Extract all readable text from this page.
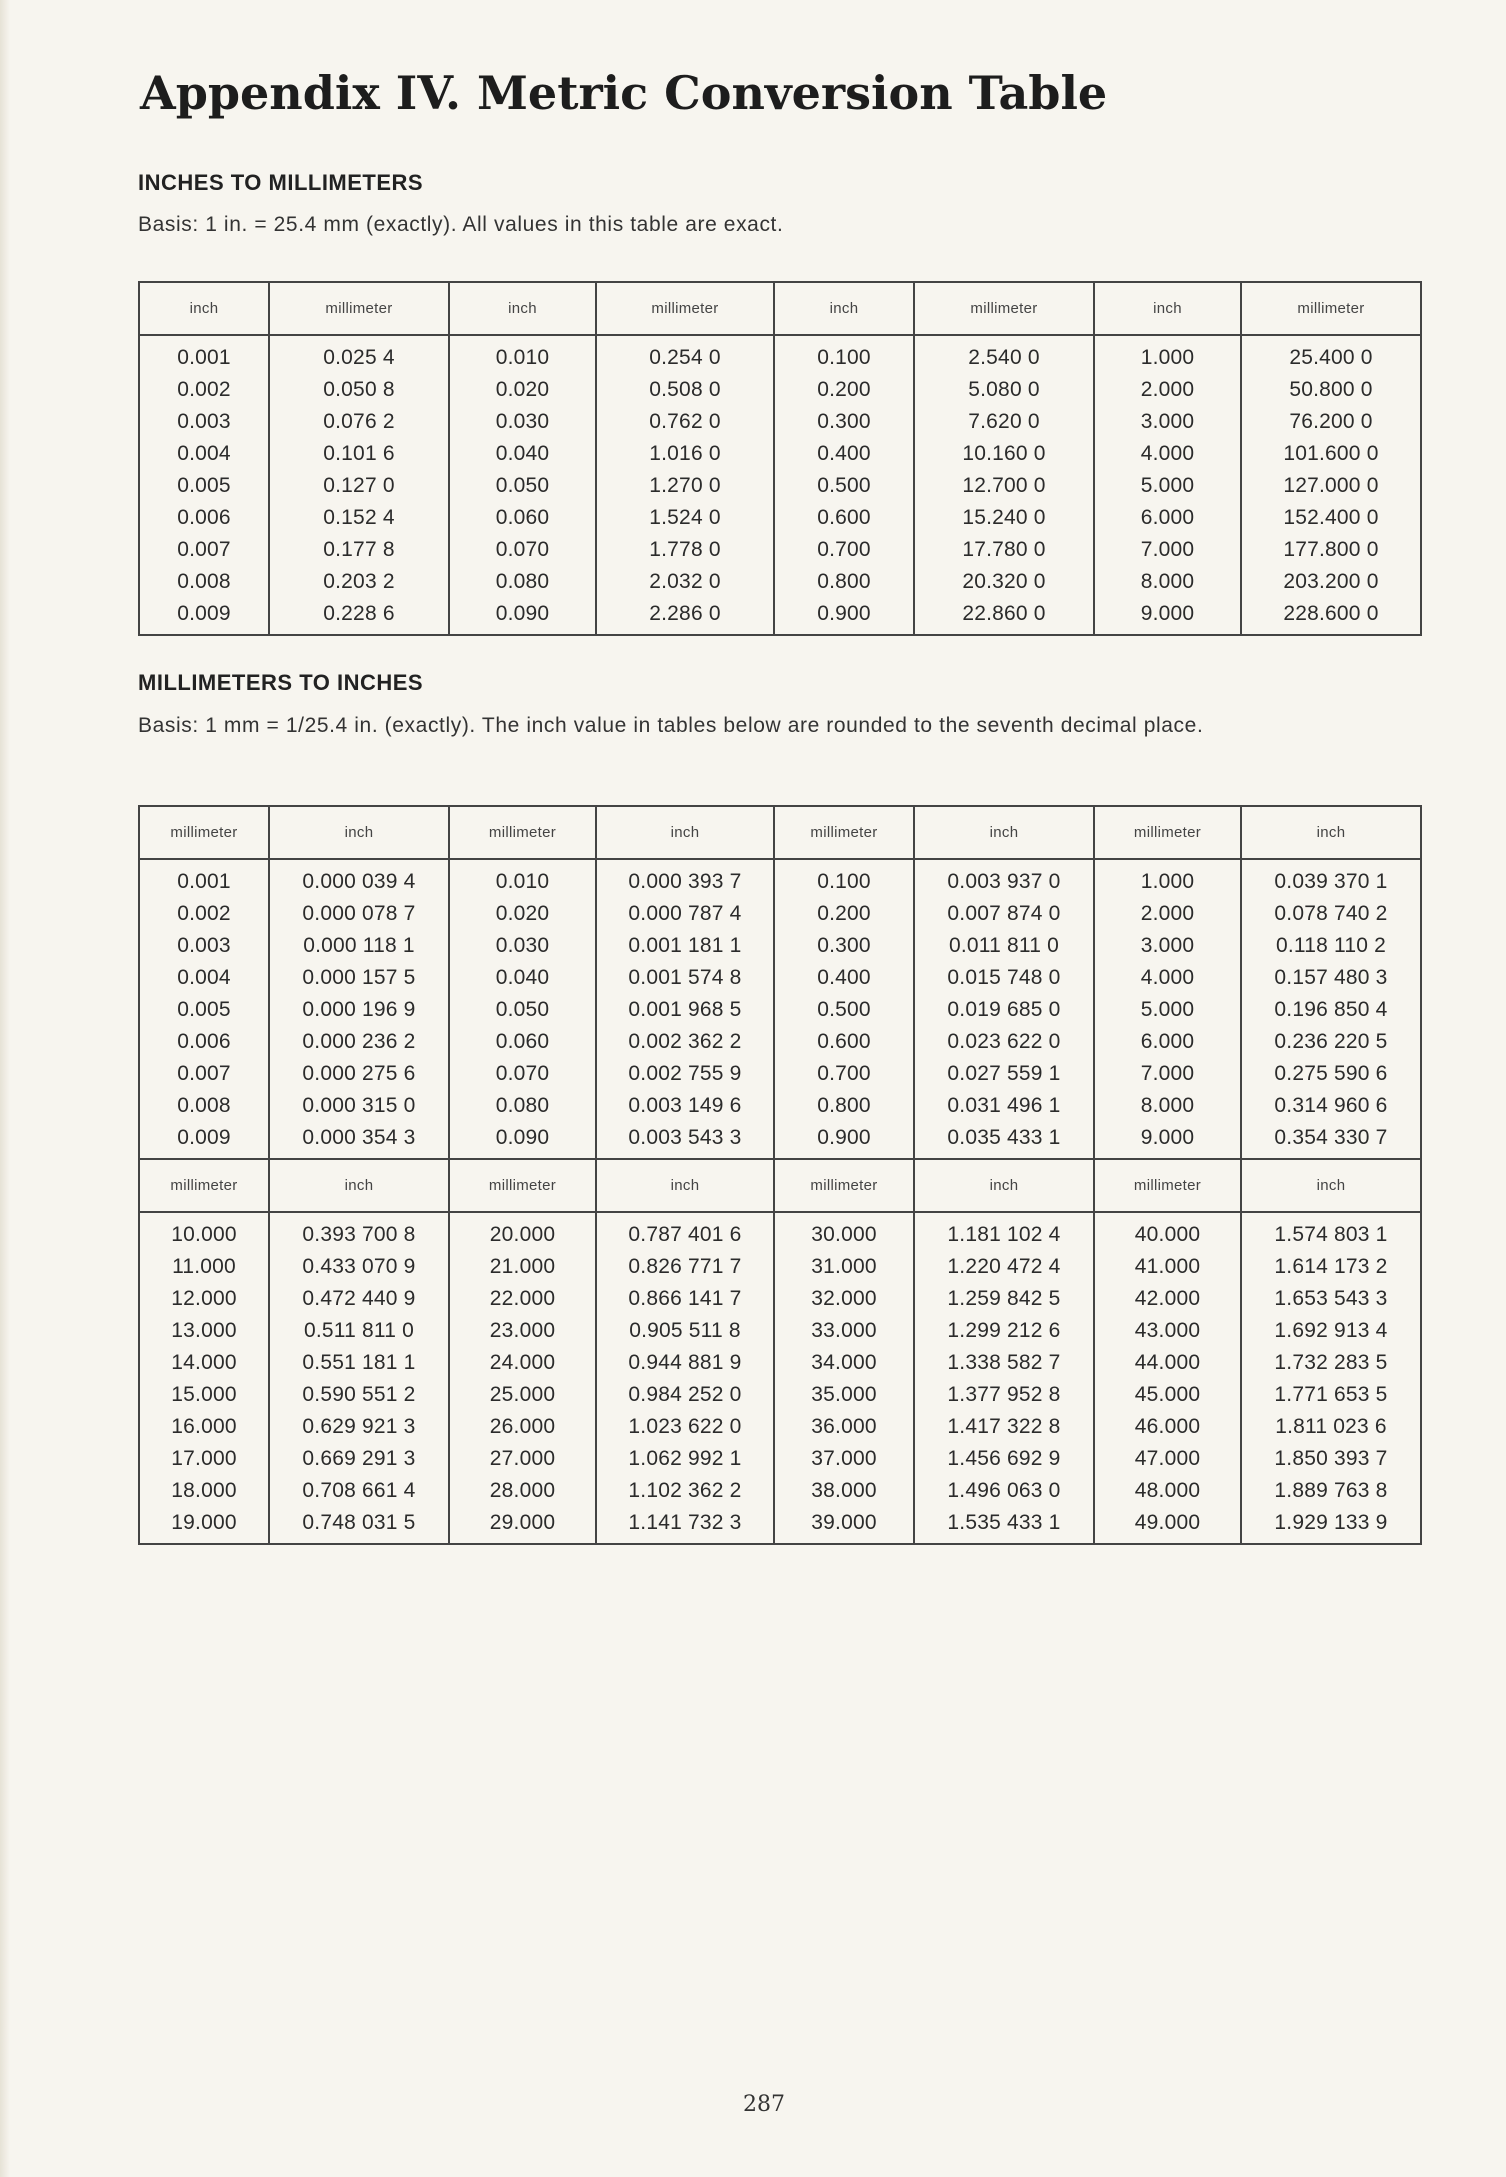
Appendix IV. Metric Conversion Table
INCHES TO MILLIMETERS

Basis: 1 in. = 25.4 mm (exactly). All values in this table are exact.

inch	millimeter	inch	millimeter	inch	millimeter	inch	millimeter
0.001	0.025 4	0.010	0.254 0	0.100	2.540 0	1.000	25.400 0
0.002	0.050 8	0.020	0.508 0	0.200	5.080 0	2.000	50.800 0
0.003	0.076 2	0.030	0.762 0	0.300	7.620 0	3.000	76.200 0
0.004	0.101 6	0.040	1.016 0	0.400	10.160 0	4.000	101.600 0
0.005	0.127 0	0.050	1.270 0	0.500	12.700 0	5.000	127.000 0
0.006	0.152 4	0.060	1.524 0	0.600	15.240 0	6.000	152.400 0
0.007	0.177 8	0.070	1.778 0	0.700	17.780 0	7.000	177.800 0
0.008	0.203 2	0.080	2.032 0	0.800	20.320 0	8.000	203.200 0
0.009	0.228 6	0.090	2.286 0	0.900	22.860 0	9.000	228.600 0
MILLIMETERS TO INCHES

Basis: 1 mm = 1/25.4 in. (exactly). The inch value in tables below are rounded to the seventh decimal place.

millimeter	inch	millimeter	inch	millimeter	inch	millimeter	inch
0.001	0.000 039 4	0.010	0.000 393 7	0.100	0.003 937 0	1.000	0.039 370 1
0.002	0.000 078 7	0.020	0.000 787 4	0.200	0.007 874 0	2.000	0.078 740 2
0.003	0.000 118 1	0.030	0.001 181 1	0.300	0.011 811 0	3.000	0.118 110 2
0.004	0.000 157 5	0.040	0.001 574 8	0.400	0.015 748 0	4.000	0.157 480 3
0.005	0.000 196 9	0.050	0.001 968 5	0.500	0.019 685 0	5.000	0.196 850 4
0.006	0.000 236 2	0.060	0.002 362 2	0.600	0.023 622 0	6.000	0.236 220 5
0.007	0.000 275 6	0.070	0.002 755 9	0.700	0.027 559 1	7.000	0.275 590 6
0.008	0.000 315 0	0.080	0.003 149 6	0.800	0.031 496 1	8.000	0.314 960 6
0.009	0.000 354 3	0.090	0.003 543 3	0.900	0.035 433 1	9.000	0.354 330 7
millimeter	inch	millimeter	inch	millimeter	inch	millimeter	inch
10.000	0.393 700 8	20.000	0.787 401 6	30.000	1.181 102 4	40.000	1.574 803 1
11.000	0.433 070 9	21.000	0.826 771 7	31.000	1.220 472 4	41.000	1.614 173 2
12.000	0.472 440 9	22.000	0.866 141 7	32.000	1.259 842 5	42.000	1.653 543 3
13.000	0.511 811 0	23.000	0.905 511 8	33.000	1.299 212 6	43.000	1.692 913 4
14.000	0.551 181 1	24.000	0.944 881 9	34.000	1.338 582 7	44.000	1.732 283 5
15.000	0.590 551 2	25.000	0.984 252 0	35.000	1.377 952 8	45.000	1.771 653 5
16.000	0.629 921 3	26.000	1.023 622 0	36.000	1.417 322 8	46.000	1.811 023 6
17.000	0.669 291 3	27.000	1.062 992 1	37.000	1.456 692 9	47.000	1.850 393 7
18.000	0.708 661 4	28.000	1.102 362 2	38.000	1.496 063 0	48.000	1.889 763 8
19.000	0.748 031 5	29.000	1.141 732 3	39.000	1.535 433 1	49.000	1.929 133 9

287
